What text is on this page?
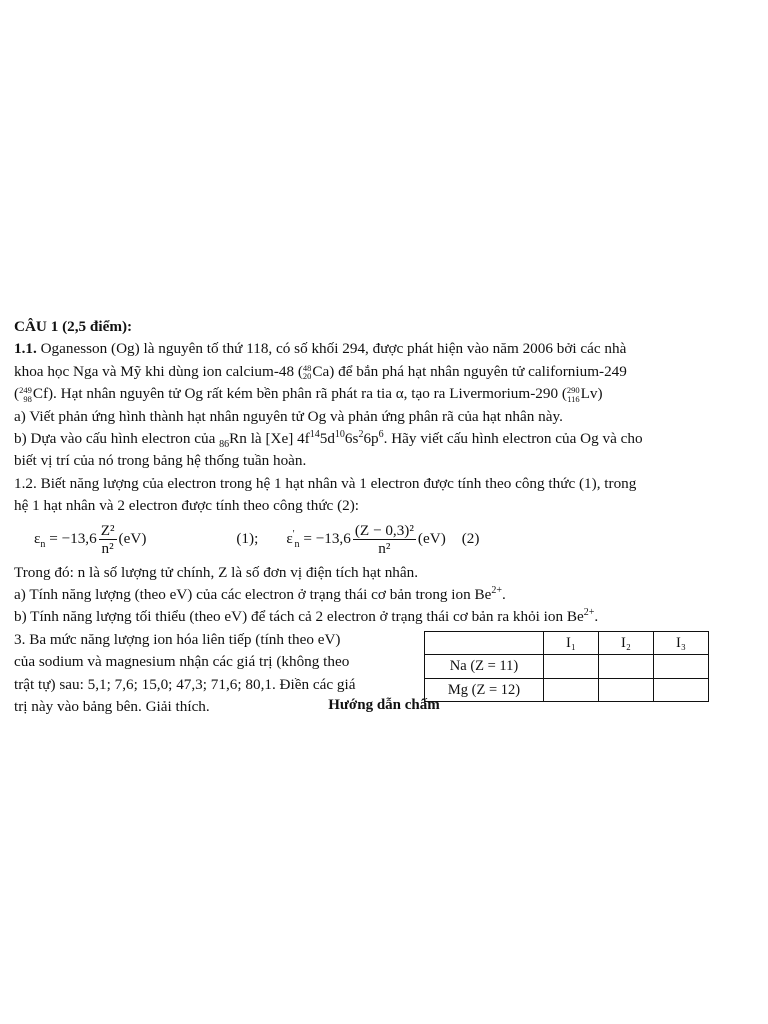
CÂU 1 (2,5 điểm):
1.1. Oganesson (Og) là nguyên tố thứ 118, có số khối 294, được phát hiện vào năm 2006 bởi các nhà
khoa học Nga và Mỹ khi dùng ion calcium-48 ( 48
20 Ca) để bắn phá hạt nhân nguyên tử californium-249
( 249
98 Cf). Hạt nhân nguyên tử Og rất kém bền phân rã phát ra tia α, tạo ra Livermorium-290 ( 290
116 Lv)
a) Viết phản ứng hình thành hạt nhân nguyên tử Og và phản ứng phân rã của hạt nhân này.
b) Dựa vào cấu hình electron của $_{86}$Rn là [Xe] $4f^{14}5d^{10}6s^26p^6$. Hãy viết cấu hình electron của Og và cho
biết vị trí của nó trong bảng hệ thống tuần hoàn.
1.2. Biết năng lượng của electron trong hệ 1 hạt nhân và 1 electron được tính theo công thức (1), trong
hệ 1 hạt nhân và 2 electron được tính theo công thức (2):
$\varepsilon_n = -13,6 \frac{\text{Z²}}{\text{n²}} (eV)$	(1); $\varepsilon'_n = -13,6 \frac{\text{(Z − 0,3)²}}{\text{n²}} (eV)$ (2)
Trong đó: n là số lượng tử chính, Z là số đơn vị điện tích hạt nhân.
a) Tính năng lượng (theo eV) của các electron ở trạng thái cơ bản trong ion $Be^{2+}$.
b) Tính năng lượng tối thiểu (theo eV) để tách cả 2 electron ở trạng thái cơ bản ra khỏi ion $Be^{2+}$.
3. Ba mức năng lượng ion hóa liên tiếp (tính theo eV)
của sodium và magnesium nhận các giá trị (không theo
trật tự) sau: 5,1; 7,6; 15,0; 47,3; 71,6; 80,1. Điền các giá
trị này vào bảng bên. Giải thích.
	I₁	I₂	I₃
Na (Z = 11)			
Mg (Z = 12)			
Hướng dẫn chấm
